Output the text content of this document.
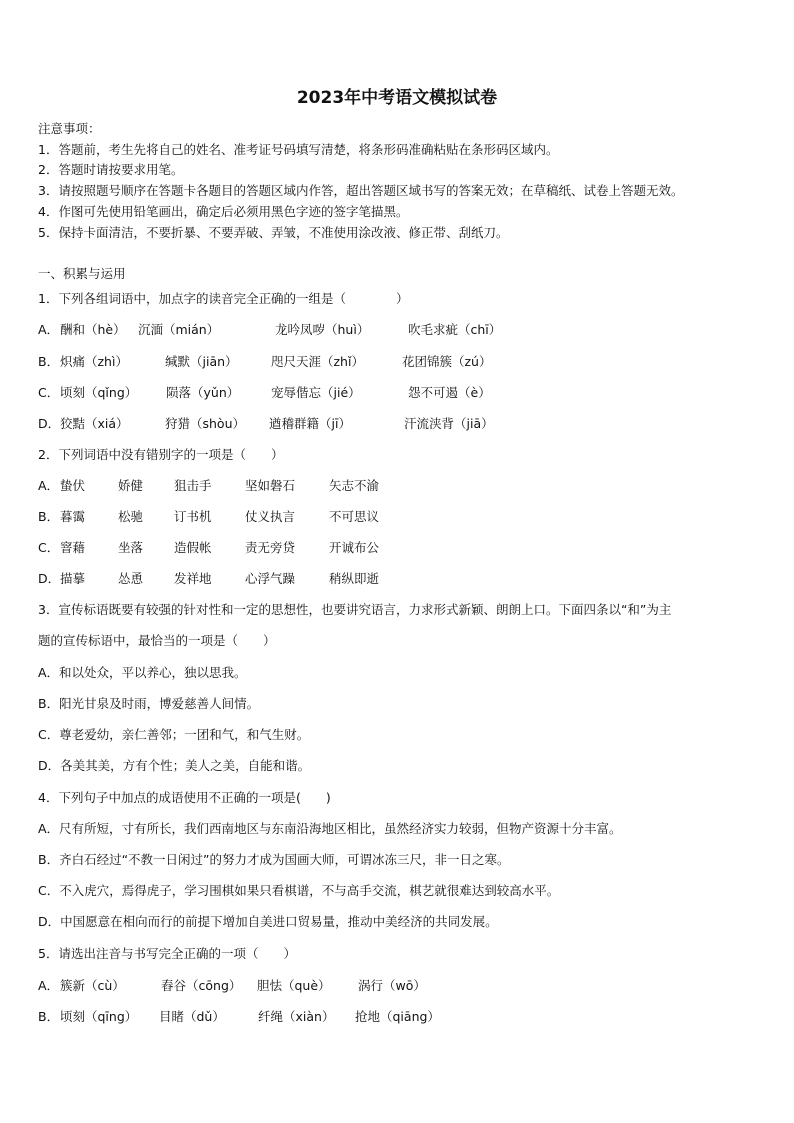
2023年中考语文模拟试卷
注意事项：
1．答题前，考生先将自己的姓名、准考证号码填写清楚，将条形码准确粘贴在条形码区域内。
2．答题时请按要求用笔。
3．请按照题号顺序在答题卡各题目的答题区域内作答，超出答题区域书写的答案无效；在草稿纸、试卷上答题无效。
4．作图可先使用铅笔画出，确定后必须用黑色字迹的签字笔描黑。
5．保持卡面清洁，不要折暴、不要弄破、弄皱，不准使用涂改液、修正带、刮纸刀。
一、积累与运用
1．下列各组词语中，加点字的读音完全正确的一组是（　　　　）
A． 酬和（hè） 沉湎（mián）	龙吟凤哕（huì）	吹毛求疵（chī）
B． 炽痛（zhì）	缄默（jiān）	咫尺天涯（zhǐ）	花团锦簇（zú）
C． 顷刻（qǐng） 陨落（yǔn）	宠辱偕忘（jié）	怨不可遏（è）
D． 狡黠（xiá）	狩猎（shòu） 遒稽群籍（jī）	汗流浃背（jiā）
2．下列词语中没有错别字的一项是（　　）
A． 蛰伏	娇健 狙击手	坚如磐石	矢志不渝
B． 暮霭	松驰 订书机	仗义执言	不可思议
C． 窨藉	坐落 造假帐	责无旁贷	开诚布公
D． 描摹	怂恿 发祥地	心浮气躁	稍纵即逝
3．宣传标语既要有较强的针对性和一定的思想性，也要讲究语言，力求形式新颖、朗朗上口。下面四条以“和”为主
题的宣传标语中，最恰当的一项是（　　）
A．和以处众，平以养心，独以思我。
B．阳光甘泉及时雨，博爱慈善人间情。
C．尊老爱幼，亲仁善邻；一团和气，和气生财。
D．各美其美，方有个性；美人之美，自能和谐。
4．下列句子中加点的成语使用不正确的一项是(　　)
A．尺有所短，寸有所长，我们西南地区与东南沿海地区相比，虽然经济实力较弱，但物产资源十分丰富。
B．齐白石经过“不教一日闲过”的努力才成为国画大师，可谓冰冻三尺，非一日之寒。
C．不入虎穴，焉得虎子，学习围棋如果只看棋谱，不与高手交流，棋艺就很难达到较高水平。
D．中国愿意在相向而行的前提下增加自美进口贸易量，推动中美经济的共同发展。
5．请选出注音与书写完全正确的一项（　　）
A． 簇新（cù）	舂谷（cōng） 胆怯（què） 涡行（wō）
B． 顷刻（qīng） 目睹（dǔ）	纤绳（xiàn） 抢地（qiāng）
